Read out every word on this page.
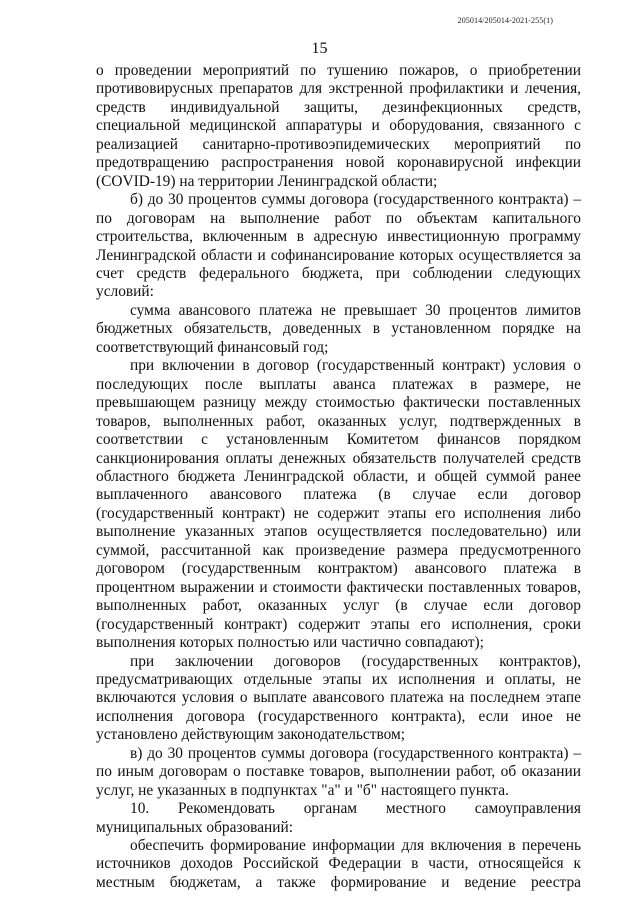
205014/205014-2021-255(1)
15

о проведении мероприятий по тушению пожаров, о приобретении противовирусных препаратов для экстренной профилактики и лечения, средств индивидуальной защиты, дезинфекционных средств, специальной медицинской аппаратуры и оборудования, связанного с реализацией санитарно-противоэпидемических мероприятий по предотвращению распространения новой коронавирусной инфекции (COVID-19) на территории Ленинградской области;

б) до 30 процентов суммы договора (государственного контракта) – по договорам на выполнение работ по объектам капитального строительства, включенным в адресную инвестиционную программу Ленинградской области и софинансирование которых осуществляется за счет средств федерального бюджета, при соблюдении следующих условий:

сумма авансового платежа не превышает 30 процентов лимитов бюджетных обязательств, доведенных в установленном порядке на соответствующий финансовый год;

при включении в договор (государственный контракт) условия о последующих после выплаты аванса платежах в размере, не превышающем разницу между стоимостью фактически поставленных товаров, выполненных работ, оказанных услуг, подтвержденных в соответствии с установленным Комитетом финансов порядком санкционирования оплаты денежных обязательств получателей средств областного бюджета Ленинградской области, и общей суммой ранее выплаченного авансового платежа (в случае если договор (государственный контракт) не содержит этапы его исполнения либо выполнение указанных этапов осуществляется последовательно) или суммой, рассчитанной как произведение размера предусмотренного договором (государственным контрактом) авансового платежа в процентном выражении и стоимости фактически поставленных товаров, выполненных работ, оказанных услуг (в случае если договор (государственный контракт) содержит этапы его исполнения, сроки выполнения которых полностью или частично совпадают);

при заключении договоров (государственных контрактов), предусматривающих отдельные этапы их исполнения и оплаты, не включаются условия о выплате авансового платежа на последнем этапе исполнения договора (государственного контракта), если иное не установлено действующим законодательством;

в) до 30 процентов суммы договора (государственного контракта) – по иным договорам о поставке товаров, выполнении работ, об оказании услуг, не указанных в подпунктах "а" и "б" настоящего пункта.

10. Рекомендовать органам местного самоуправления муниципальных образований:

обеспечить формирование информации для включения в перечень источников доходов Российской Федерации в части, относящейся к местным бюджетам, а также формирование и ведение реестра
